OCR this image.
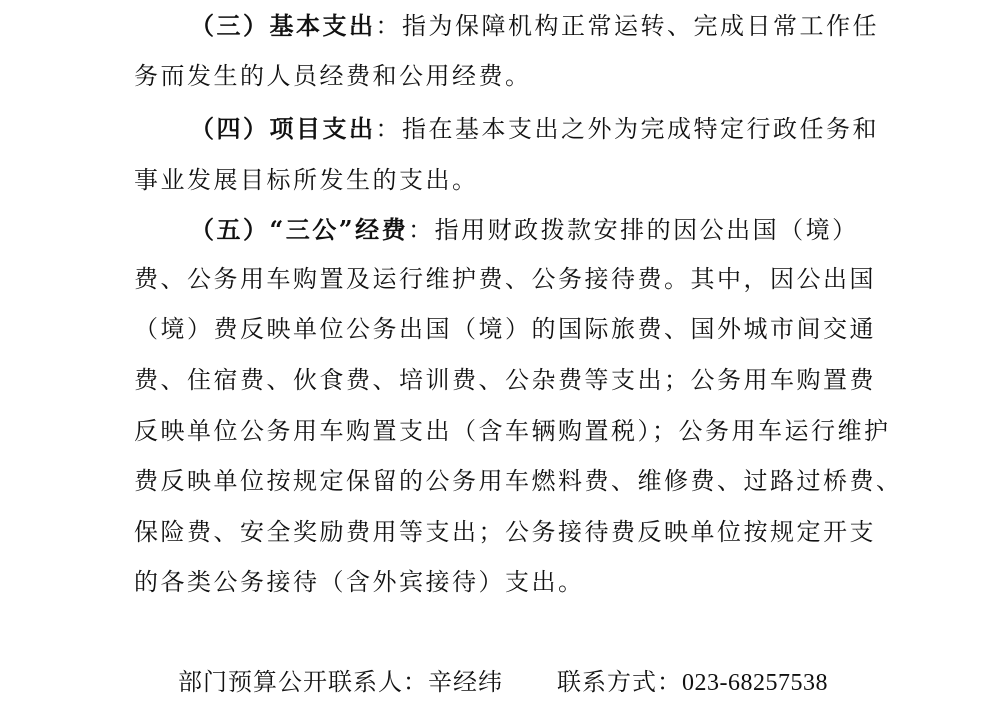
（三）基本支出：指为保障机构正常运转、完成日常工作任
务而发生的人员经费和公用经费。
（四）项目支出：指在基本支出之外为完成特定行政任务和
事业发展目标所发生的支出。
（五）“三公”经费：指用财政拨款安排的因公出国（境）
费、公务用车购置及运行维护费、公务接待费。其中，因公出国
（境）费反映单位公务出国（境）的国际旅费、国外城市间交通
费、住宿费、伙食费、培训费、公杂费等支出；公务用车购置费
反映单位公务用车购置支出（含车辆购置税）；公务用车运行维护
费反映单位按规定保留的公务用车燃料费、维修费、过路过桥费、
保险费、安全奖励费用等支出；公务接待费反映单位按规定开支
的各类公务接待（含外宾接待）支出。
部门预算公开联系人：辛经纬 联系方式：023-68257538
